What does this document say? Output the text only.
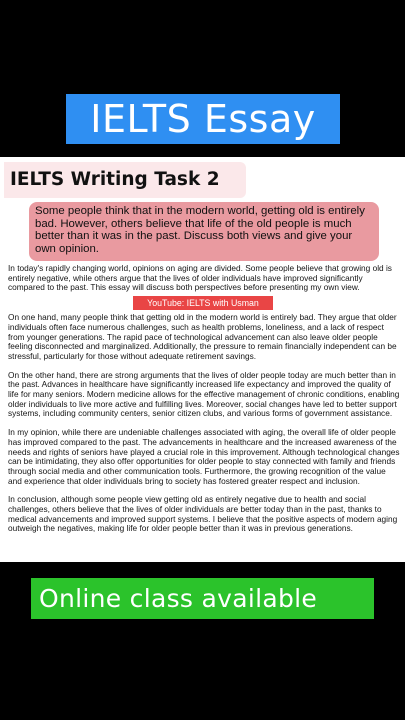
IELTS Essay
IELTS Writing Task 2
Some people think that in the modern world, getting old is entirely bad. However, others believe that life of the old people is much better than it was in the past. Discuss both views and give your own opinion.

In today's rapidly changing world, opinions on aging are divided. Some people believe that growing old is entirely negative, while others argue that the lives of older individuals have improved significantly compared to the past. This essay will discuss both perspectives before presenting my own view.

YouTube: IELTS with Usman

On one hand, many people think that getting old in the modern world is entirely bad. They argue that older individuals often face numerous challenges, such as health problems, loneliness, and a lack of respect from younger generations. The rapid pace of technological advancement can also leave older people feeling disconnected and marginalized. Additionally, the pressure to remain financially independent can be stressful, particularly for those without adequate retirement savings.

On the other hand, there are strong arguments that the lives of older people today are much better than in the past. Advances in healthcare have significantly increased life expectancy and improved the quality of life for many seniors. Modern medicine allows for the effective management of chronic conditions, enabling older individuals to live more active and fulfilling lives. Moreover, social changes have led to better support systems, including community centers, senior citizen clubs, and various forms of government assistance.

In my opinion, while there are undeniable challenges associated with aging, the overall life of older people has improved compared to the past. The advancements in healthcare and the increased awareness of the needs and rights of seniors have played a crucial role in this improvement. Although technological changes can be intimidating, they also offer opportunities for older people to stay connected with family and friends through social media and other communication tools. Furthermore, the growing recognition of the value and experience that older individuals bring to society has fostered greater respect and inclusion.

In conclusion, although some people view getting old as entirely negative due to health and social challenges, others believe that the lives of older individuals are better today than in the past, thanks to medical advancements and improved support systems. I believe that the positive aspects of modern aging outweigh the negatives, making life for older people better than it was in previous generations.

Online class available
